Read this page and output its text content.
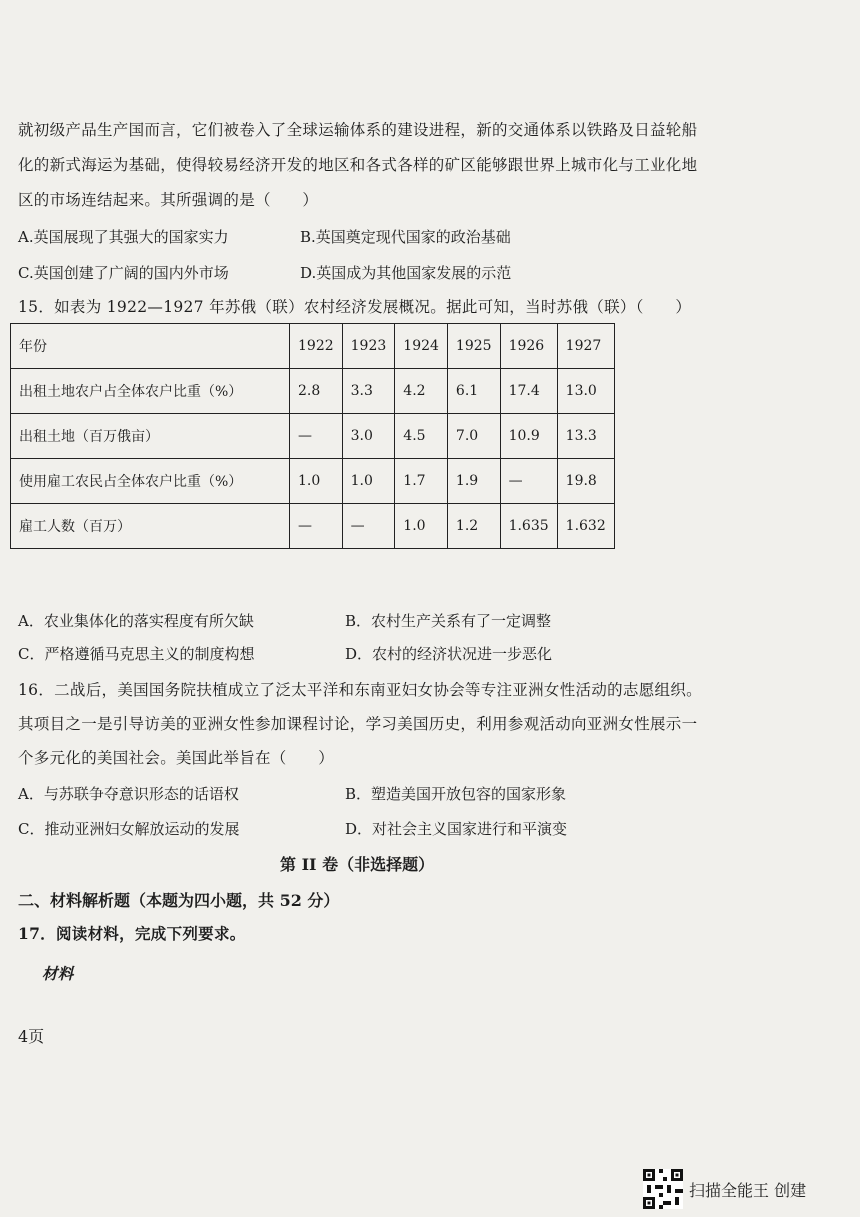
就初级产品生产国而言，它们被卷入了全球运输体系的建设进程，新的交通体系以铁路及日益轮船
化的新式海运为基础，使得较易经济开发的地区和各式各样的矿区能够跟世界上城市化与工业化地
区的市场连结起来。其所强调的是（　　）
A.英国展现了其强大的国家实力	B.英国奠定现代国家的政治基础
C.英国创建了广阔的国内外市场	D.英国成为其他国家发展的示范
15．如表为 1922—1927 年苏俄（联）农村经济发展概况。据此可知，当时苏俄（联）（　　）
年份	1922	1923	1924	1925	1926	1927
出租土地农户占全体农户比重（%）	2.8	3.3	4.2	6.1	17.4	13.0
出租土地（百万俄亩）	—	3.0	4.5	7.0	10.9	13.3
使用雇工农民占全体农户比重（%）	1.0	1.0	1.7	1.9	—	19.8
雇工人数（百万）	—	—	1.0	1.2	1.635	1.632
A．农业集体化的落实程度有所欠缺	B．农村生产关系有了一定调整
C．严格遵循马克思主义的制度构想	D．农村的经济状况进一步恶化
16．二战后，美国国务院扶植成立了泛太平洋和东南亚妇女协会等专注亚洲女性活动的志愿组织。
其项目之一是引导访美的亚洲女性参加课程讨论，学习美国历史，利用参观活动向亚洲女性展示一
个多元化的美国社会。美国此举旨在（　　）
A．与苏联争夺意识形态的话语权	B．塑造美国开放包容的国家形象
C．推动亚洲妇女解放运动的发展	D．对社会主义国家进行和平演变
第 II 卷（非选择题）
二、材料解析题（本题为四小题，共 52 分）
17．阅读材料，完成下列要求。
材料
4页
扫描全能王 创建
